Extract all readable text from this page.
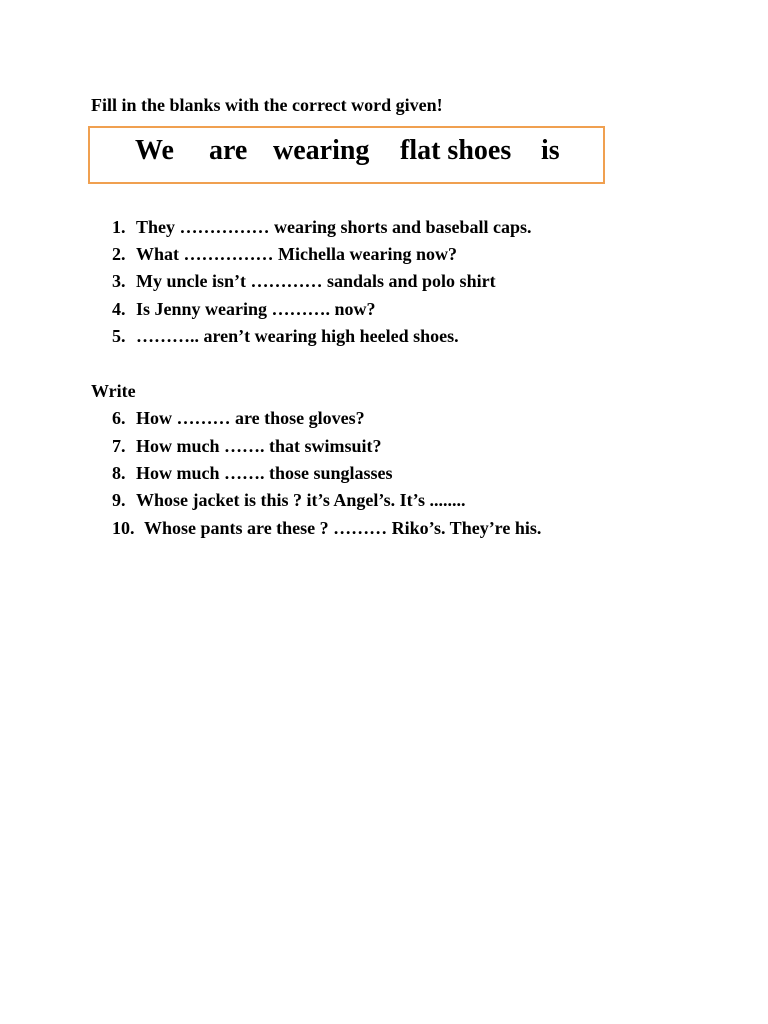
Fill in the blanks with the correct word given!
We are wearing flat shoes is
1. They …………… wearing shorts and baseball caps.
2. What …………… Michella wearing now?
3. My uncle isn’t ………… sandals and polo shirt
4. Is Jenny wearing ………. now?
5. ……….. aren’t wearing high heeled shoes.
Write
6. How ……… are those gloves?
7. How much ……. that swimsuit?
8. How much ……. those sunglasses
9. Whose jacket is this ? it’s Angel’s. It’s ........
10. Whose pants are these ? ……… Riko’s. They’re his.
